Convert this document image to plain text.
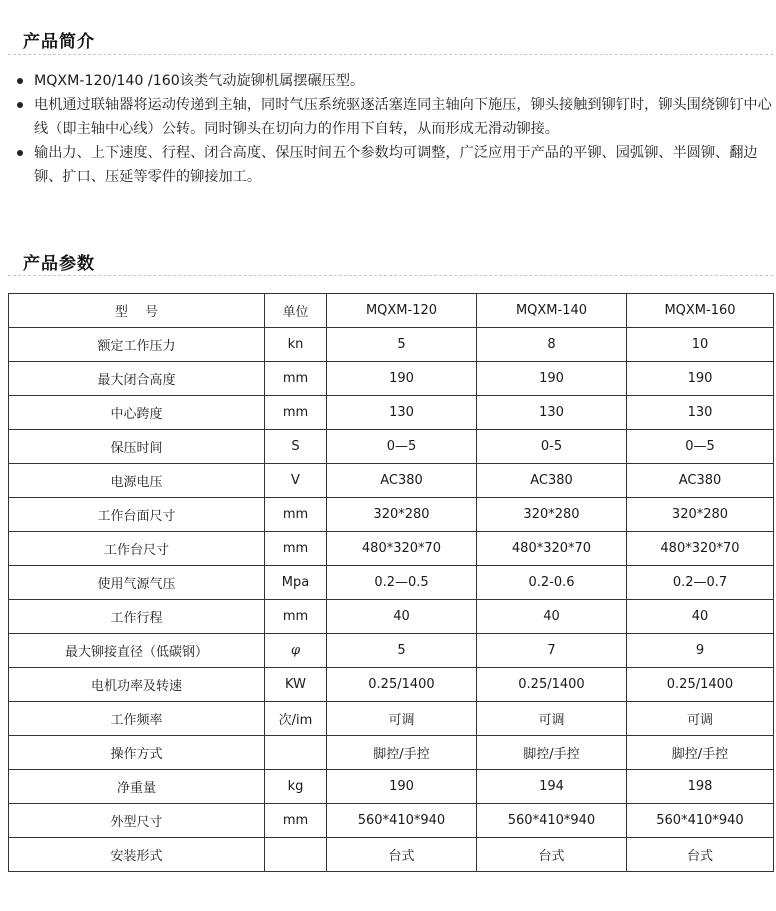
产品简介
MQXM-120/140 /160该类气动旋铆机属摆碾压型。
电机通过联轴器将运动传递到主轴，同时气压系统驱逐活塞连同主轴向下施压，铆头接触到铆钉时，铆头围绕铆钉中心线（即主轴中心线）公转。同时铆头在切向力的作用下自转，从而形成无滑动铆接。
输出力、上下速度、行程、闭合高度、保压时间五个参数均可调整，广泛应用于产品的平铆、园弧铆、半圆铆、翻边铆、扩口、压延等零件的铆接加工。
产品参数
型　 号	单位	MQXM-120	MQXM-140	MQXM-160
额定工作压力	kn	5	8	10
最大闭合高度	mm	190	190	190
中心跨度	mm	130	130	130
保压时间	S	0—5	0-5	0—5
电源电压	V	AC380	AC380	AC380
工作台面尺寸	mm	320*280	320*280	320*280
工作台尺寸	mm	480*320*70	480*320*70	480*320*70
使用气源气压	Mpa	0.2—0.5	0.2-0.6	0.2—0.7
工作行程	mm	40	40	40
最大铆接直径（低碳钢）	φ	5	7	9
电机功率及转速	KW	0.25/1400	0.25/1400	0.25/1400
工作频率	次/im	可调	可调	可调
操作方式		脚控/手控	脚控/手控	脚控/手控
净重量	kg	190	194	198
外型尺寸	mm	560*410*940	560*410*940	560*410*940
安装形式		台式	台式	台式
